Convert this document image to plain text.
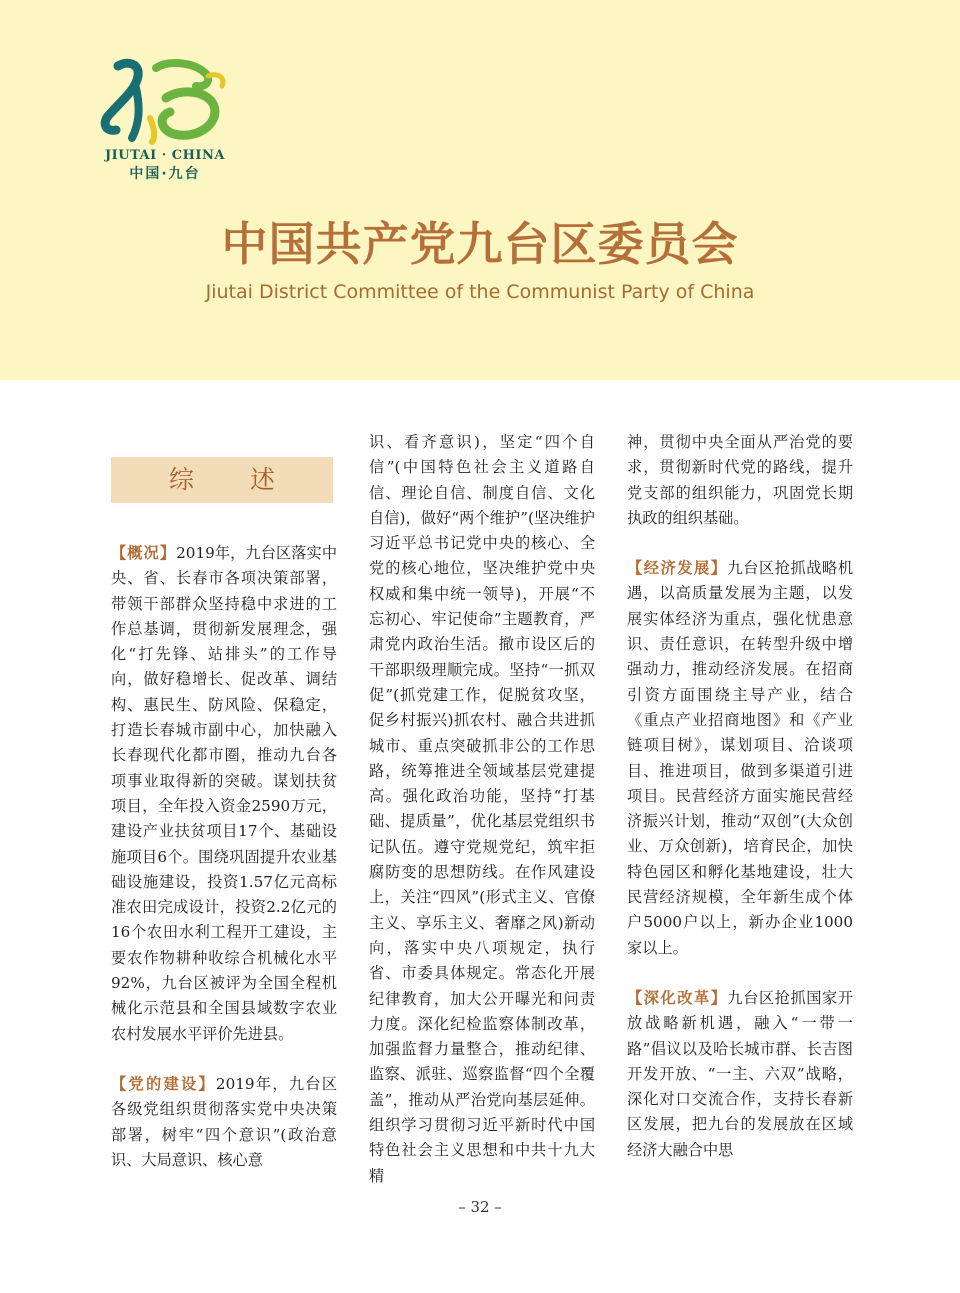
JIUTAI · CHINA
中国·九台
中国共产党九台区委员会
Jiutai District Committee of the Communist Party of China
综 述

【概况】2019年，九台区落实中央、省、长春市各项决策部署，带领干部群众坚持稳中求进的工作总基调，贯彻新发展理念，强化“打先锋、站排头”的工作导向，做好稳增长、促改革、调结构、惠民生、防风险、保稳定，打造长春城市副中心，加快融入长春现代化都市圈，推动九台各项事业取得新的突破。谋划扶贫项目，全年投入资金2590万元，建设产业扶贫项目17个、基础设施项目6个。围绕巩固提升农业基础设施建设，投资1.57亿元高标准农田完成设计，投资2.2亿元的16个农田水利工程开工建设，主要农作物耕种收综合机械化水平92%，九台区被评为全国全程机械化示范县和全国县域数字农业农村发展水平评价先进县。

【党的建设】2019年，九台区各级党组织贯彻落实党中央决策部署，树牢“四个意识”(政治意识、大局意识、核心意

识、看齐意识)，坚定“四个自信”(中国特色社会主义道路自信、理论自信、制度自信、文化自信)，做好“两个维护”(坚决维护习近平总书记党中央的核心、全党的核心地位，坚决维护党中央权威和集中统一领导)，开展“不忘初心、牢记使命”主题教育，严肃党内政治生活。撤市设区后的干部职级理顺完成。坚持“一抓双促”(抓党建工作，促脱贫攻坚，促乡村振兴)抓农村、融合共进抓城市、重点突破抓非公的工作思路，统筹推进全领域基层党建提高。强化政治功能，坚持“打基础、提质量”，优化基层党组织书记队伍。遵守党规党纪，筑牢拒腐防变的思想防线。在作风建设上，关注“四风”(形式主义、官僚主义、享乐主义、奢靡之风)新动向，落实中央八项规定，执行省、市委具体规定。常态化开展纪律教育，加大公开曝光和问责力度。深化纪检监察体制改革，加强监督力量整合，推动纪律、监察、派驻、巡察监督“四个全覆盖”，推动从严治党向基层延伸。组织学习贯彻习近平新时代中国特色社会主义思想和中共十九大精

神，贯彻中央全面从严治党的要求，贯彻新时代党的路线，提升党支部的组织能力，巩固党长期执政的组织基础。

【经济发展】九台区抢抓战略机遇，以高质量发展为主题，以发展实体经济为重点，强化忧患意识、责任意识，在转型升级中增强动力，推动经济发展。在招商引资方面围绕主导产业，结合《重点产业招商地图》和《产业链项目树》，谋划项目、洽谈项目、推进项目，做到多渠道引进项目。民营经济方面实施民营经济振兴计划，推动“双创”(大众创业、万众创新)，培育民企，加快特色园区和孵化基地建设，壮大民营经济规模，全年新生成个体户5000户以上，新办企业1000家以上。

【深化改革】九台区抢抓国家开放战略新机遇，融入“一带一路”倡议以及哈长城市群、长吉图开发开放、“一主、六双”战略，深化对口交流合作，支持长春新区发展，把九台的发展放在区域经济大融合中思

– 32 –
